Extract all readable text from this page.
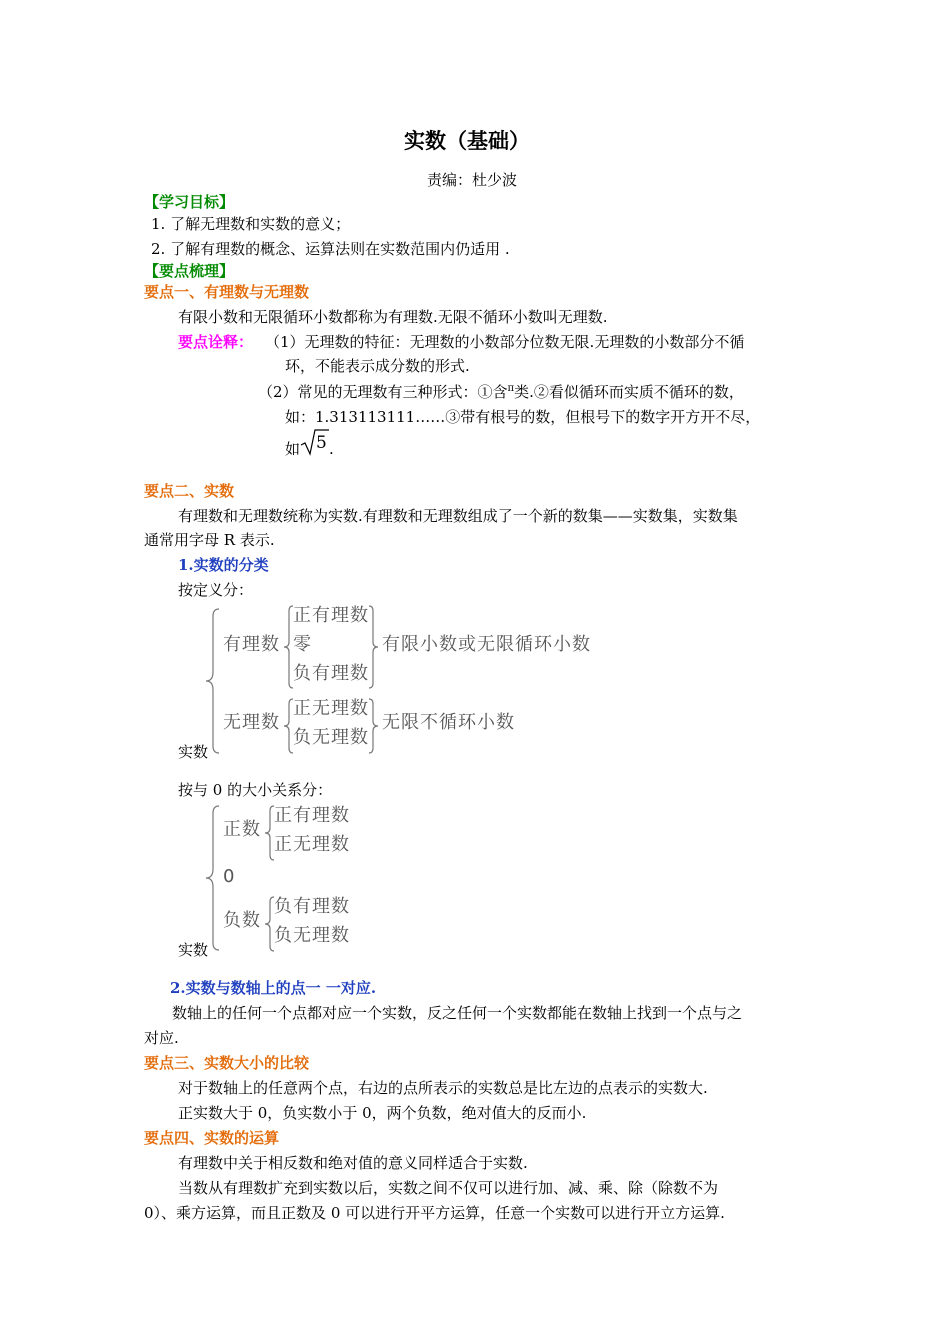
实数（基础）
责编：杜少波
【学习目标】
1. 了解无理数和实数的意义；
2. 了解有理数的概念、运算法则在实数范围内仍适用 .
【要点梳理】
要点一、有理数与无理数
有限小数和无限循环小数都称为有理数.无限不循环小数叫无理数.
要点诠释： （1）无理数的特征：无理数的小数部分位数无限.无理数的小数部分不循
环，不能表示成分数的形式.
（2）常见的无理数有三种形式：①含$^\pi$类.②看似循环而实质不循环的数，
如：1.313113111……③带有根号的数，但根号下的数字开方开不尽，
如 5 .
要点二、实数
有理数和无理数统称为实数.有理数和无理数组成了一个新的数集——实数集，实数集
通常用字母 R 表示.
1.实数的分类
按定义分：
有理数
正有理数
零
负有理数
有限小数或无限循环小数
无理数
正无理数
负无理数
无限不循环小数
实数
按与 0 的大小关系分：
正数
正有理数
正无理数
0
负数
负有理数
负无理数
实数
2.实数与数轴上的点一 一对应.
数轴上的任何一个点都对应一个实数，反之任何一个实数都能在数轴上找到一个点与之
对应.
要点三、实数大小的比较
对于数轴上的任意两个点，右边的点所表示的实数总是比左边的点表示的实数大.
正实数大于 0，负实数小于 0，两个负数，绝对值大的反而小.
要点四、实数的运算
有理数中关于相反数和绝对值的意义同样适合于实数.
当数从有理数扩充到实数以后，实数之间不仅可以进行加、减、乘、除（除数不为
0）、乘方运算，而且正数及 0 可以进行开平方运算，任意一个实数可以进行开立方运算.
